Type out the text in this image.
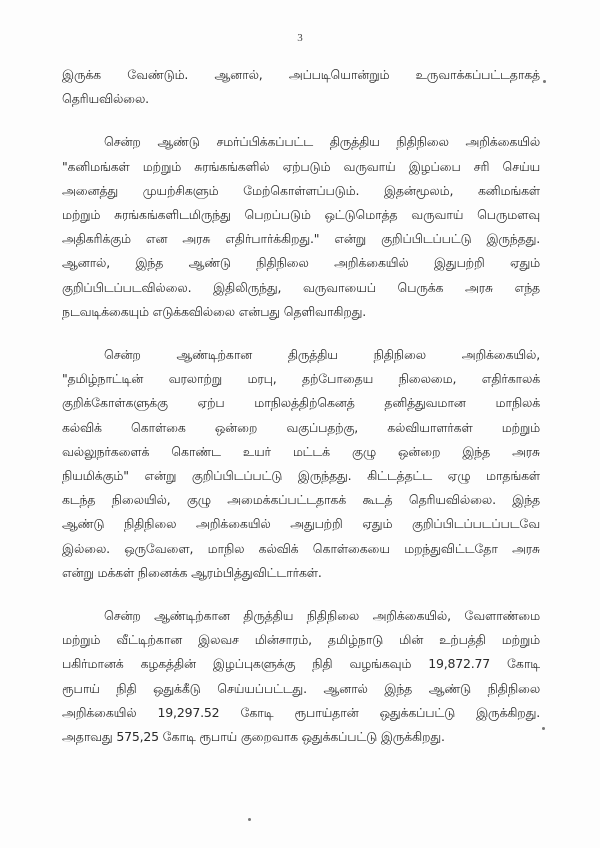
3

இருக்க வேண்டும். ஆனால், அப்படியொன்றும் உருவாக்கப்பட்டதாகத்
தெரியவில்லை.

சென்ற ஆண்டு சமர்ப்பிக்கப்பட்ட திருத்திய நிதிநிலை அறிக்கையில்
"கனிமங்கள் மற்றும் சுரங்கங்களில் ஏற்படும் வருவாய் இழப்பை சரி செய்ய
அனைத்து முயற்சிகளும் மேற்கொள்ளப்படும். இதன்மூலம், கனிமங்கள்
மற்றும் சுரங்கங்களிடமிருந்து பெறப்படும் ஒட்டுமொத்த வருவாய் பெருமளவு
அதிகரிக்கும் என அரசு எதிர்பார்க்கிறது." என்று குறிப்பிடப்பட்டு இருந்தது.
ஆனால், இந்த ஆண்டு நிதிநிலை அறிக்கையில் இதுபற்றி ஏதும்
குறிப்பிடப்படவில்லை. இதிலிருந்து, வருவாயைப் பெருக்க அரசு எந்த
நடவடிக்கையும் எடுக்கவில்லை என்பது தெளிவாகிறது.

சென்ற ஆண்டிற்கான திருத்திய நிதிநிலை அறிக்கையில்,
"தமிழ்நாட்டின் வரலாற்று மரபு, தற்போதைய நிலைமை, எதிர்காலக்
குறிக்கோள்களுக்கு ஏற்ப மாநிலத்திற்கெனத் தனித்துவமான மாநிலக்
கல்விக் கொள்கை ஒன்றை வகுப்பதற்கு, கல்வியாளர்கள் மற்றும்
வல்லுநர்களைக் கொண்ட உயர் மட்டக் குழு ஒன்றை இந்த அரசு
நியமிக்கும்" என்று குறிப்பிடப்பட்டு இருந்தது. கிட்டத்தட்ட ஏழு மாதங்கள்
கடந்த நிலையில், குழு அமைக்கப்பட்டதாகக் கூடத் தெரியவில்லை. இந்த
ஆண்டு நிதிநிலை அறிக்கையில் அதுபற்றி ஏதும் குறிப்பிடப்படப்படவே
இல்லை. ஒருவேளை, மாநில கல்விக் கொள்கையை மறந்துவிட்டதோ அரசு
என்று மக்கள் நினைக்க ஆரம்பித்துவிட்டார்கள்.

சென்ற ஆண்டிற்கான திருத்திய நிதிநிலை அறிக்கையில், வேளாண்மை
மற்றும் வீட்டிற்கான இலவச மின்சாரம், தமிழ்நாடு மின் உற்பத்தி மற்றும்
பகிர்மானக் கழகத்தின் இழப்புகளுக்கு நிதி வழங்கவும் 19,872.77 கோடி
ரூபாய் நிதி ஒதுக்கீடு செய்யப்பட்டது. ஆனால் இந்த ஆண்டு நிதிநிலை
அறிக்கையில் 19,297.52 கோடி ரூபாய்தான் ஒதுக்கப்பட்டு இருக்கிறது.
அதாவது 575,25 கோடி ரூபாய் குறைவாக ஒதுக்கப்பட்டு இருக்கிறது.
